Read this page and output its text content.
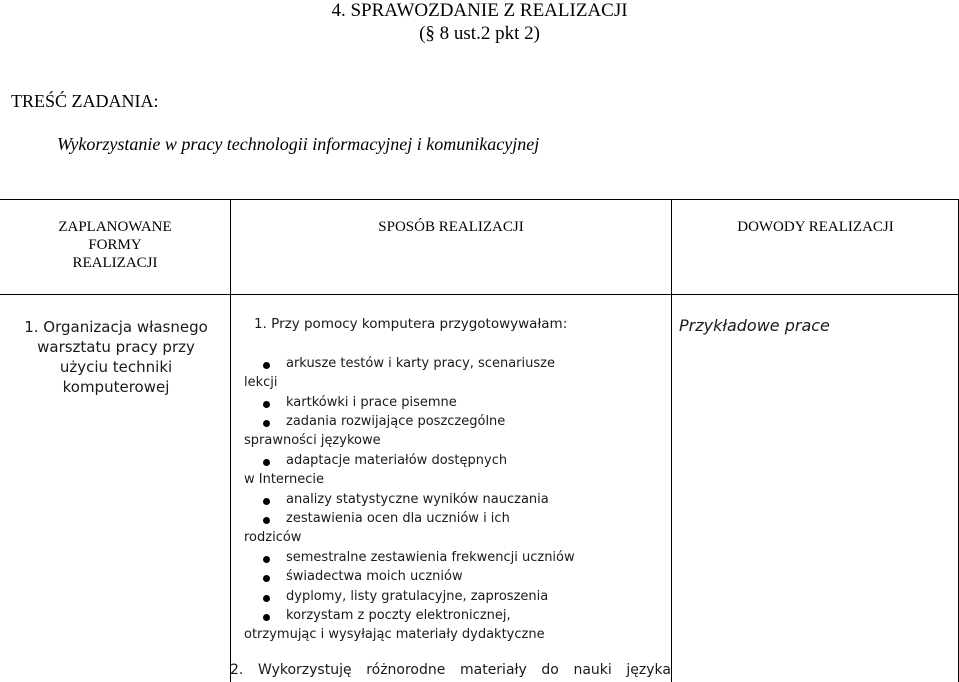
4. SPRAWOZDANIE Z REALIZACJI
(§ 8 ust.2 pkt 2)
TREŚĆ ZADANIA:
Wykorzystanie w pracy technologii informacyjnej i komunikacyjnej
ZAPLANOWANE
FORMY
REALIZACJI
SPOSÓB REALIZACJI	DOWODY REALIZACJI
1. Organizacja własnego
warsztatu pracy przy
użyciu techniki
komputerowej
1. Przy pomocy komputera przygotowywałam:
arkusze testów i karty pracy, scenariusze
lekcji
kartkówki i prace pisemne
zadania rozwijające poszczególne
sprawności językowe
adaptacje materiałów dostępnych
w Internecie
analizy statystyczne wyników nauczania
zestawienia ocen dla uczniów i ich
rodziców
semestralne zestawienia frekwencji uczniów
świadectwa moich uczniów
dyplomy, listy gratulacyjne, zaproszenia
korzystam z poczty elektronicznej,
otrzymując i wysyłając materiały dydaktyczne
2. Wykorzystuję różnorodne materiały do nauki języka
Przykładowe prace
